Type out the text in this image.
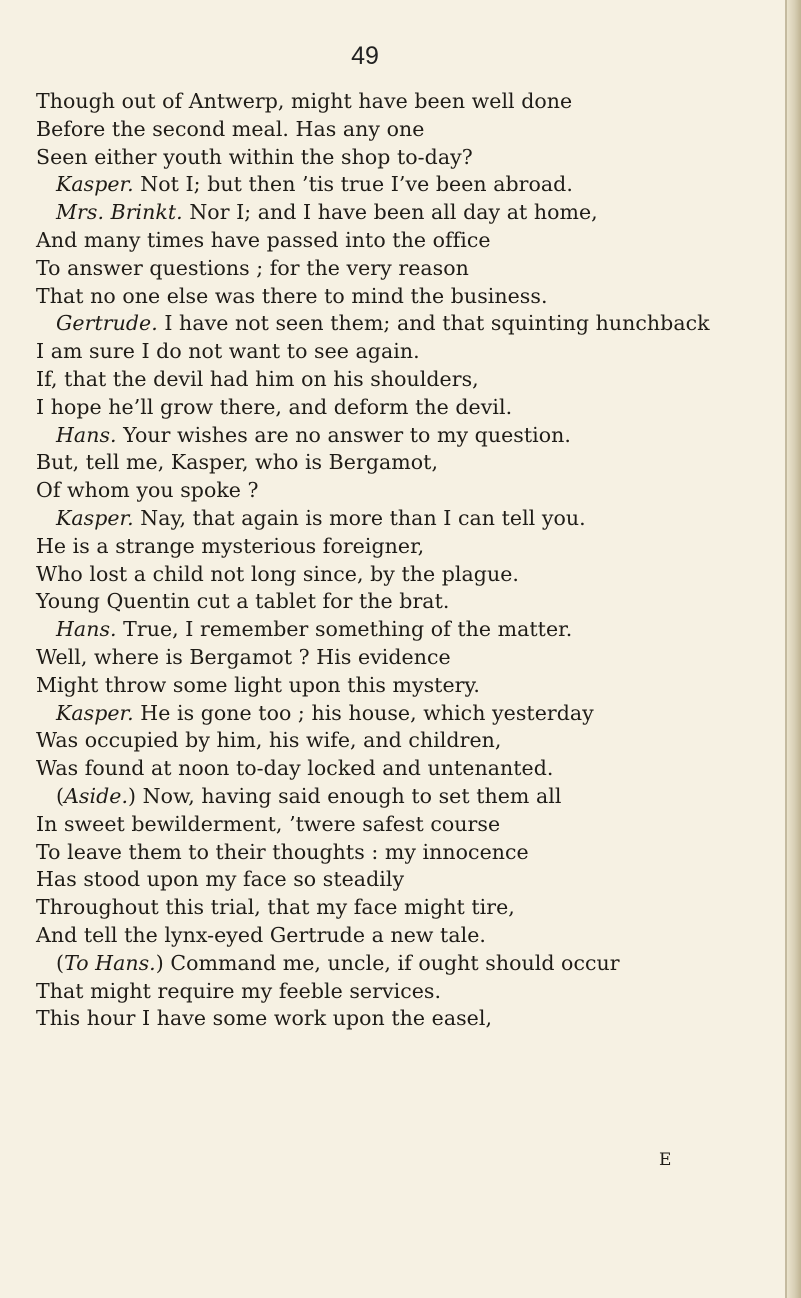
49
Though out of Antwerp, might have been well done
Before the second meal. Has any one
Seen either youth within the shop to-day?
Kasper. Not I; but then ’tis true I’ve been abroad.
Mrs. Brinkt. Nor I; and I have been all day at home,
And many times have passed into the office
To answer questions ; for the very reason
That no one else was there to mind the business.
Gertrude. I have not seen them; and that squinting hunchback
I am sure I do not want to see again.
If, that the devil had him on his shoulders,
I hope he’ll grow there, and deform the devil.
Hans. Your wishes are no answer to my question.
But, tell me, Kasper, who is Bergamot,
Of whom you spoke ?
Kasper. Nay, that again is more than I can tell you.
He is a strange mysterious foreigner,
Who lost a child not long since, by the plague.
Young Quentin cut a tablet for the brat.
Hans. True, I remember something of the matter.
Well, where is Bergamot ? His evidence
Might throw some light upon this mystery.
Kasper. He is gone too ; his house, which yesterday
Was occupied by him, his wife, and children,
Was found at noon to-day locked and untenanted.
(Aside.) Now, having said enough to set them all
In sweet bewilderment, ’twere safest course
To leave them to their thoughts : my innocence
Has stood upon my face so steadily
Throughout this trial, that my face might tire,
And tell the lynx-eyed Gertrude a new tale.
(To Hans.) Command me, uncle, if ought should occur
That might require my feeble services.
This hour I have some work upon the easel,
E
